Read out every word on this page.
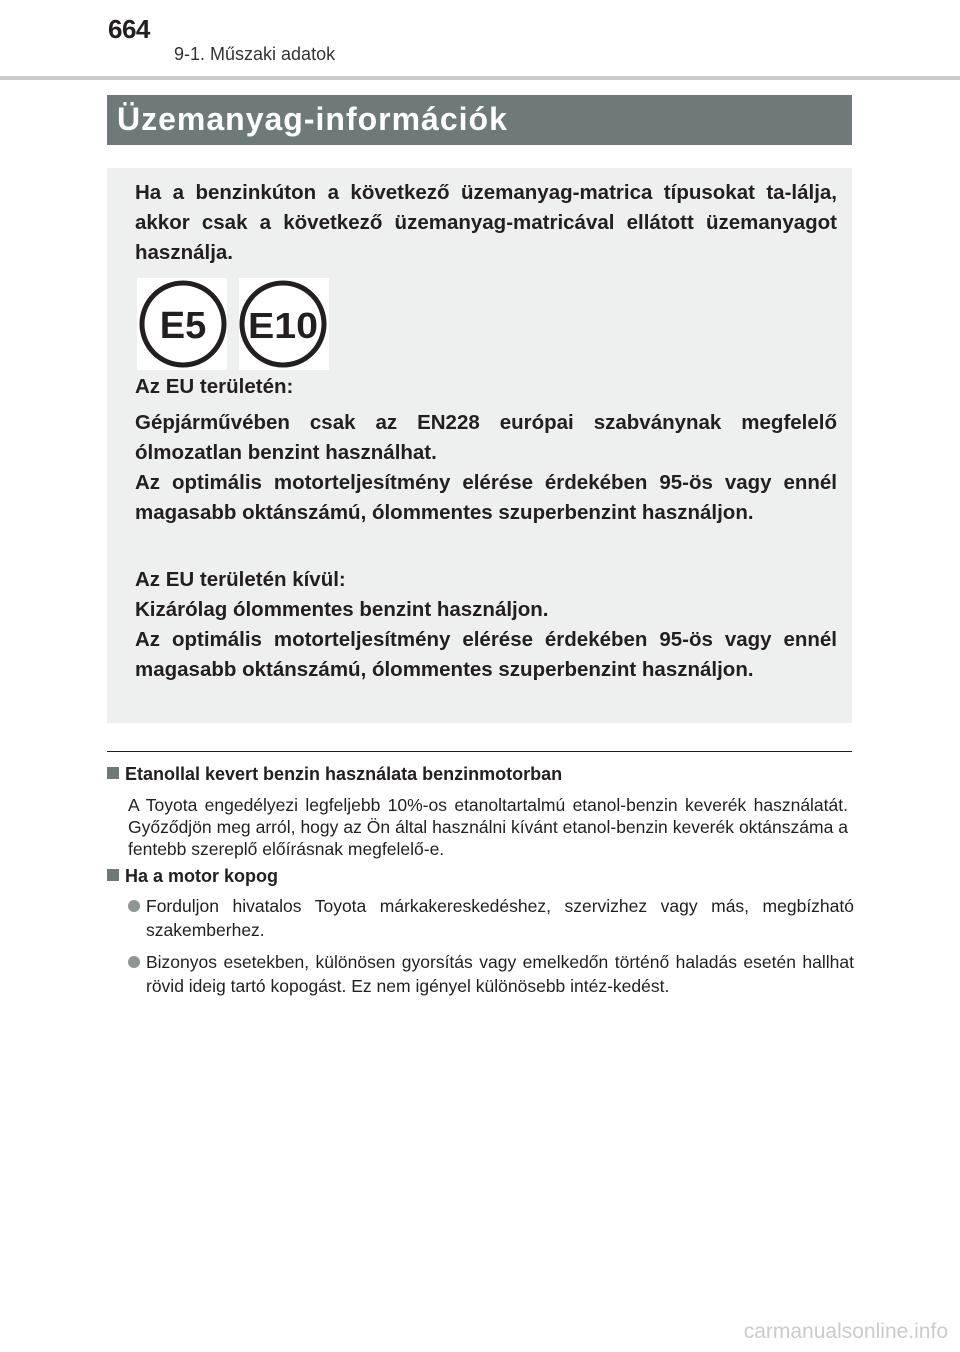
664
9-1. Műszaki adatok
Üzemanyag-információk

Ha a benzinkúton a következő üzemanyag-matrica típusokat ta-lálja, akkor csak a következő üzemanyag-matricával ellátott üzemanyagot használja.

E5 E10

Az EU területén:

Gépjárművében csak az EN228 európai szabványnak megfelelő ólmozatlan benzint használhat.

Az optimális motorteljesítmény elérése érdekében 95-ös vagy ennél magasabb oktánszámú, ólommentes szuperbenzint használjon.

Az EU területén kívül:

Kizárólag ólommentes benzint használjon.

Az optimális motorteljesítmény elérése érdekében 95-ös vagy ennél magasabb oktánszámú, ólommentes szuperbenzint használjon.

Etanollal kevert benzin használata benzinmotorban
A Toyota engedélyezi legfeljebb 10%-os etanoltartalmú etanol-benzin keverék használatát. Győződjön meg arról, hogy az Ön által használni kívánt etanol-benzin keverék oktánszáma a fentebb szereplő előírásnak megfelelő-e.
Ha a motor kopog
Forduljon hivatalos Toyota márkakereskedéshez, szervizhez vagy más, megbízható szakemberhez.
Bizonyos esetekben, különösen gyorsítás vagy emelkedőn történő haladás esetén hallhat rövid ideig tartó kopogást. Ez nem igényel különösebb intéz-kedést.
carmanualsonline.info
